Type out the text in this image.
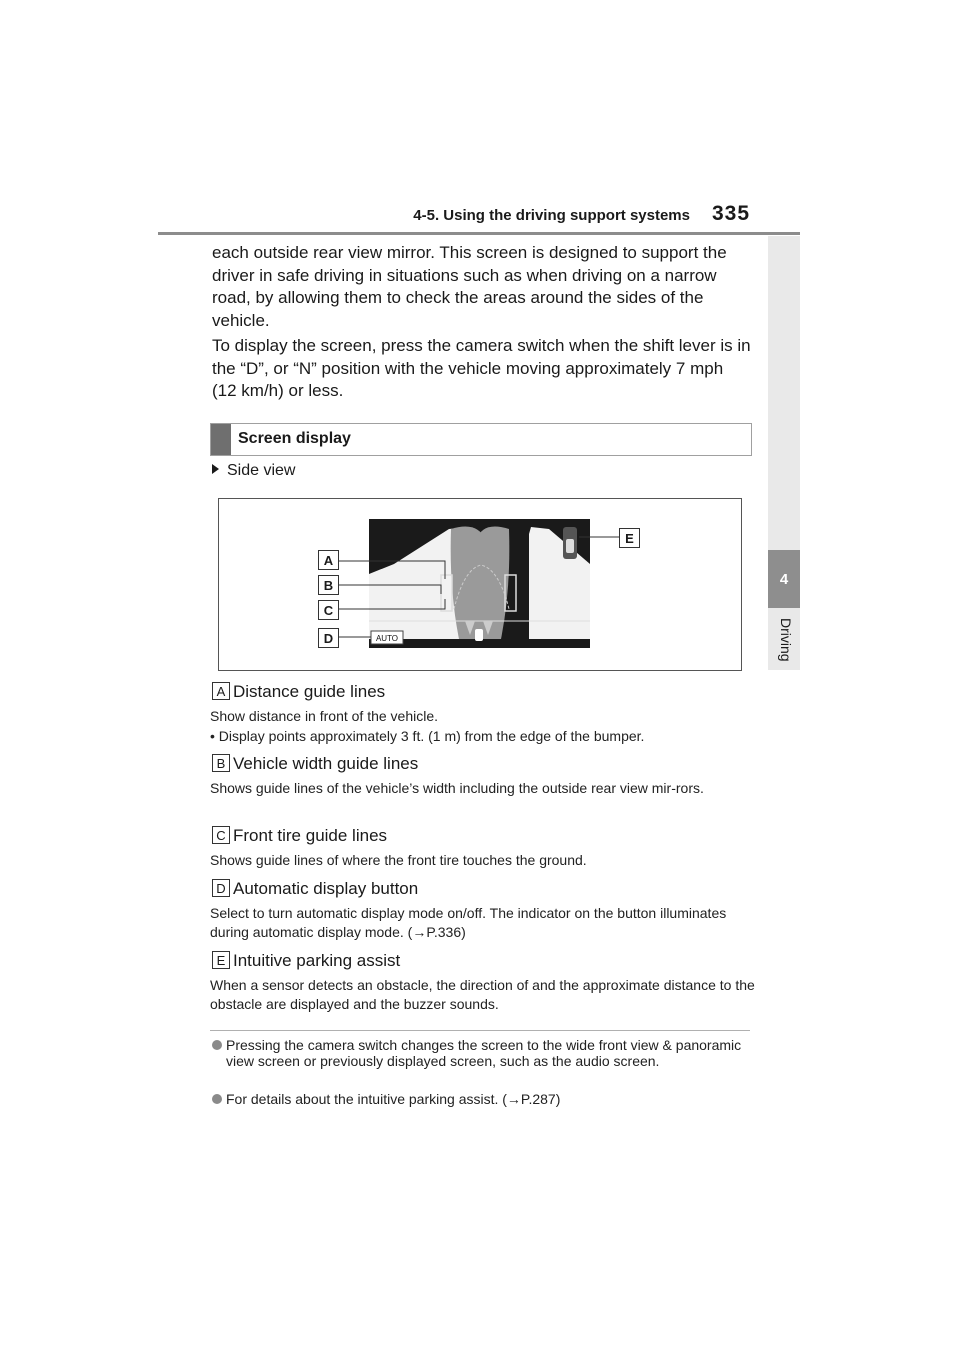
4-5. Using the driving support systems 335
4
Driving
each outside rear view mirror. This screen is designed to support the driver in safe driving in situations such as when driving on a narrow road, by allowing them to check the areas around the sides of the vehicle.
To display the screen, press the camera switch when the shift lever is in the “D”, or “N” position with the vehicle moving approximately 7 mph (12 km/h) or less.
Screen display
Side view
AUTO
A
B
C
D
E
A Distance guide lines
Show distance in front of the vehicle.
• Display points approximately 3 ft. (1 m) from the edge of the bumper.
B Vehicle width guide lines
Shows guide lines of the vehicle’s width including the outside rear view mir-rors.
C Front tire guide lines
Shows guide lines of where the front tire touches the ground.
D Automatic display button
Select to turn automatic display mode on/off. The indicator on the button illuminates during automatic display mode. (→P.336)
E Intuitive parking assist
When a sensor detects an obstacle, the direction of and the approximate distance to the obstacle are displayed and the buzzer sounds.
Pressing the camera switch changes the screen to the wide front view & panoramic view screen or previously displayed screen, such as the audio screen.
For details about the intuitive parking assist. (→P.287)
